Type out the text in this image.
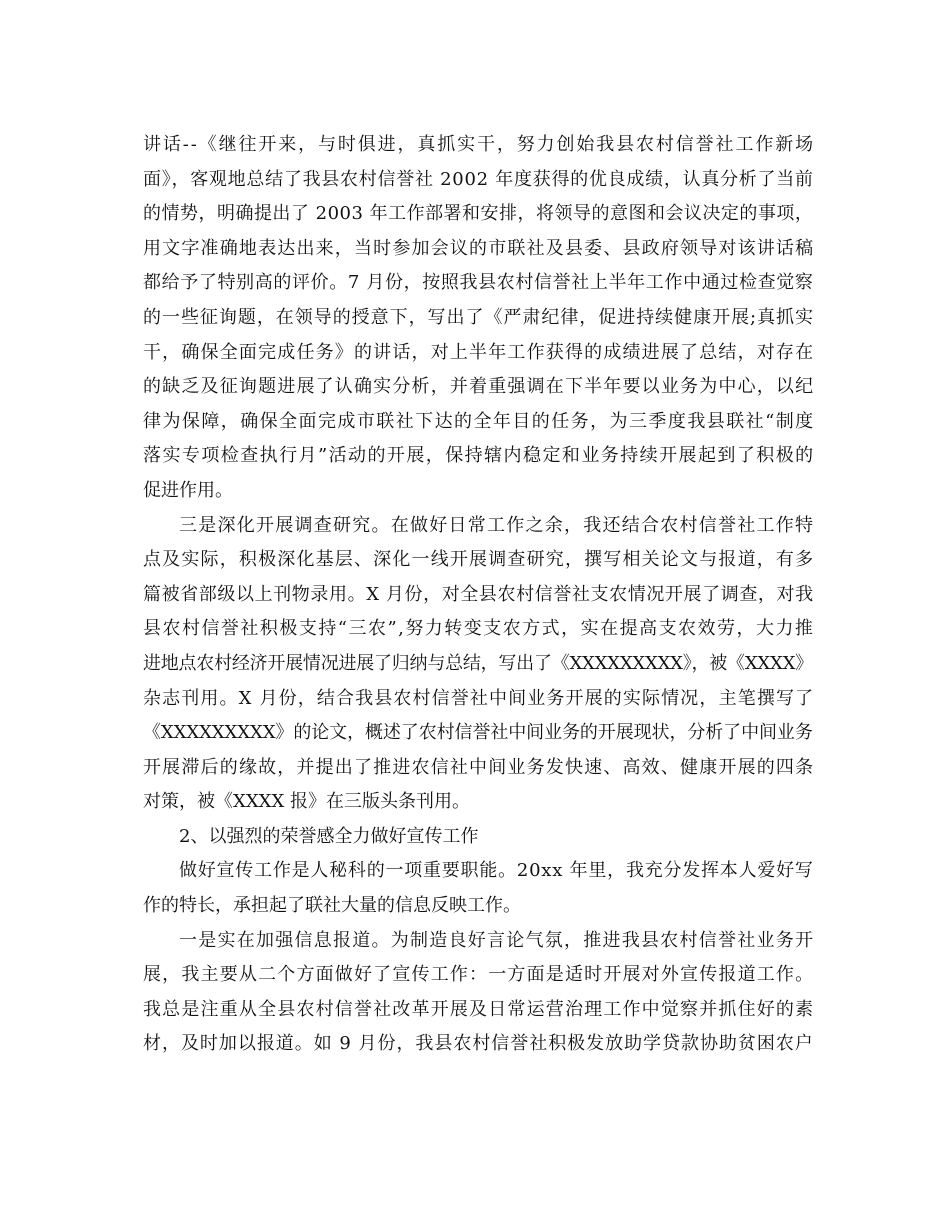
讲话--《继往开来，与时俱进，真抓实干，努力创始我县农村信誉社工作新场
面》，客观地总结了我县农村信誉社 2002 年度获得的优良成绩，认真分析了当前
的情势，明确提出了 2003 年工作部署和安排，将领导的意图和会议决定的事项，
用文字准确地表达出来，当时参加会议的市联社及县委、县政府领导对该讲话稿
都给予了特别高的评价。7 月份，按照我县农村信誉社上半年工作中通过检查觉察
的一些征询题，在领导的授意下，写出了《严肃纪律，促进持续健康开展;真抓实
干，确保全面完成任务》的讲话，对上半年工作获得的成绩进展了总结，对存在
的缺乏及征询题进展了认确实分析，并着重强调在下半年要以业务为中心，以纪
律为保障，确保全面完成市联社下达的全年目的任务，为三季度我县联社“制度
落实专项检查执行月”活动的开展，保持辖内稳定和业务持续开展起到了积极的
促进作用。
三是深化开展调查研究。在做好日常工作之余，我还结合农村信誉社工作特
点及实际，积极深化基层、深化一线开展调查研究，撰写相关论文与报道，有多
篇被省部级以上刊物录用。X 月份，对全县农村信誉社支农情况开展了调查，对我
县农村信誉社积极支持“三农”,努力转变支农方式，实在提高支农效劳，大力推
进地点农村经济开展情况进展了归纳与总结，写出了《XXXXXXXXX》，被《XXXX》
杂志刊用。X 月份，结合我县农村信誉社中间业务开展的实际情况，主笔撰写了
《XXXXXXXXX》的论文，概述了农村信誉社中间业务的开展现状，分析了中间业务
开展滞后的缘故，并提出了推进农信社中间业务发快速、高效、健康开展的四条
对策，被《XXXX 报》在三版头条刊用。
2、以强烈的荣誉感全力做好宣传工作
做好宣传工作是人秘科的一项重要职能。20xx 年里，我充分发挥本人爱好写
作的特长，承担起了联社大量的信息反映工作。
一是实在加强信息报道。为制造良好言论气氛，推进我县农村信誉社业务开
展，我主要从二个方面做好了宣传工作：一方面是适时开展对外宣传报道工作。
我总是注重从全县农村信誉社改革开展及日常运营治理工作中觉察并抓住好的素
材，及时加以报道。如 9 月份，我县农村信誉社积极发放助学贷款协助贫困农户
